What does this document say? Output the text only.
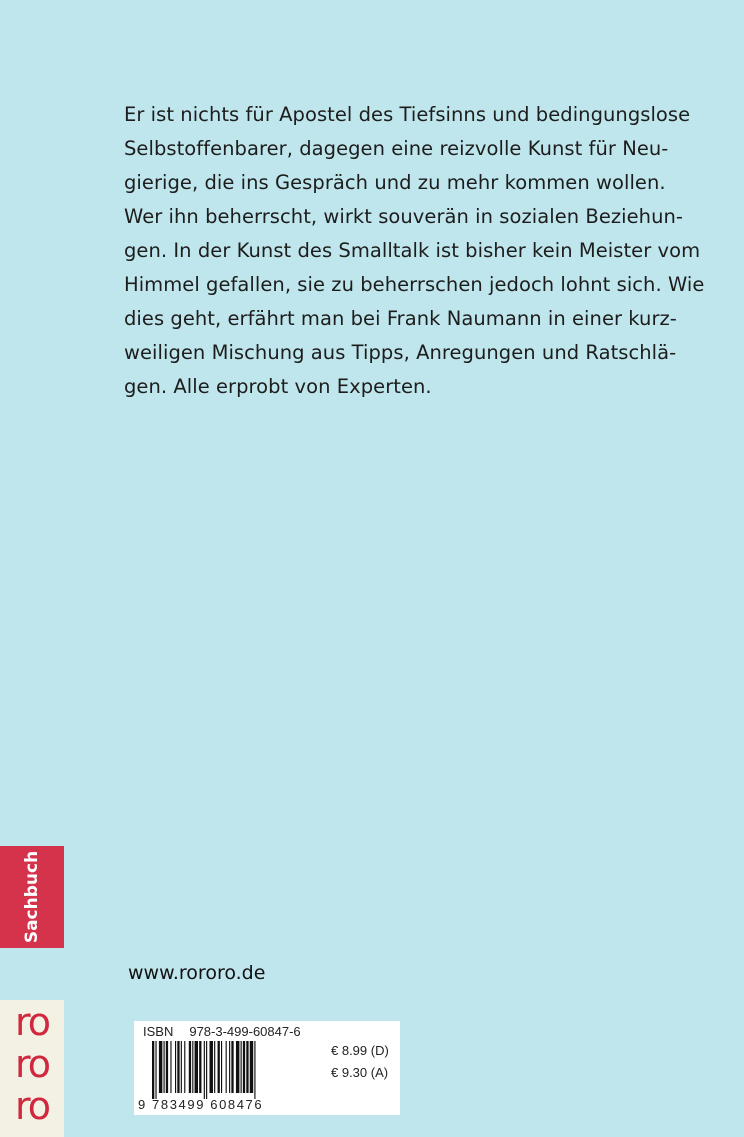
Er ist nichts für Apostel des Tiefsinns und bedingungslose
Selbstoffenbarer, dagegen eine reizvolle Kunst für Neu-
gierige, die ins Gespräch und zu mehr kommen wollen.
Wer ihn beherrscht, wirkt souverän in sozialen Beziehun-
gen. In der Kunst des Smalltalk ist bisher kein Meister vom
Himmel gefallen, sie zu beherrschen jedoch lohnt sich. Wie
dies geht, erfährt man bei Frank Naumann in einer kurz-
weiligen Mischung aus Tipps, Anregungen und Ratschlä-
gen. Alle erprobt von Experten.
Sachbuch
ro
ro
ro
www.rororo.de
ISBN 978-3-499-60847-6
9 783499 608476
€ 8.99 (D)
€ 9.30 (A)
